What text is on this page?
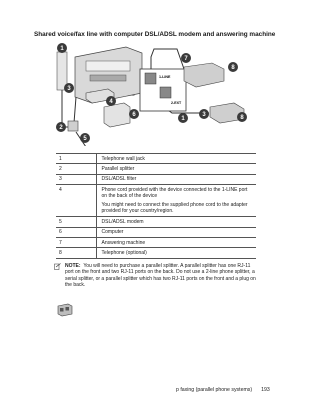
Shared voice/fax line with computer DSL/ADSL modem and answering machine
1-LINE
2-EXT
1
2
3
4
5
6
7
8
1
3	8
1	Telephone wall jack
2	Parallel splitter
3	DSL/ADSL filter
4	Phone cord provided with the device connected to the 1-LINE port on the back of the device
You might need to connect the supplied phone cord to the adapter provided for your country/region.

5	DSL/ADSL modem
6	Computer
7	Answering machine
8	Telephone (optional)
NOTE: You will need to purchase a parallel splitter. A parallel splitter has one RJ-11 port on the front and two RJ-11 ports on the back. Do not use a 2-line phone splitter, a serial splitter, or a parallel splitter which has two RJ-11 ports on the front and a plug on the back.
p faxing (parallel phone systems) 193
